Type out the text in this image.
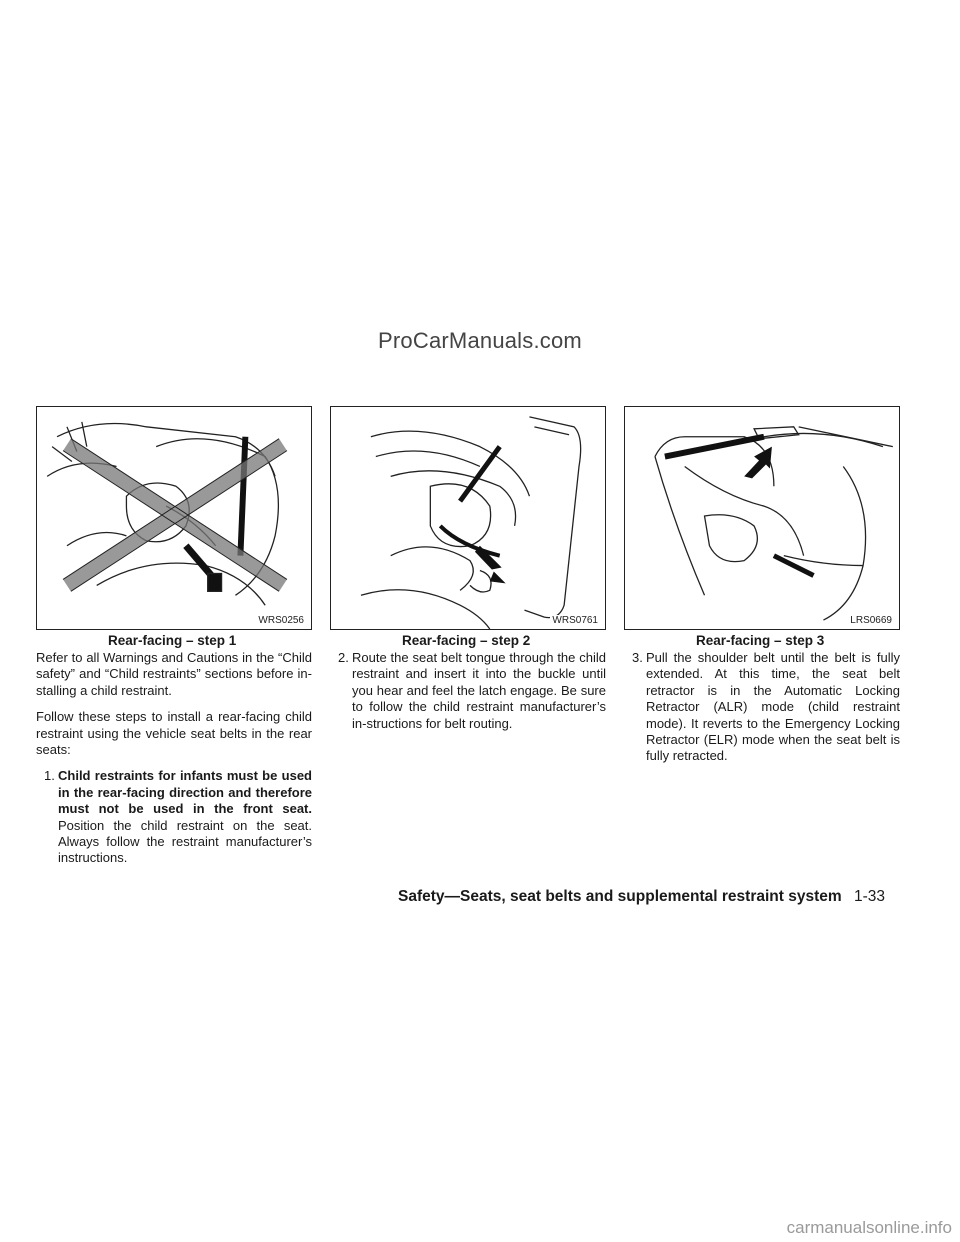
ProCarManuals.com
WRS0256	WRS0761	LRS0669
Rear-facing – step 1	Rear-facing – step 2	Rear-facing – step 3

Refer to all Warnings and Cautions in the “Child safety” and “Child restraints” sections before in-stalling a child restraint.

Follow these steps to install a rear-facing child restraint using the vehicle seat belts in the rear seats:

1. Child restraints for infants must be used in the rear-facing direction and therefore must not be used in the front seat. Position the child restraint on the seat. Always follow the restraint manufacturer’s instructions.
2. Route the seat belt tongue through the child restraint and insert it into the buckle until you hear and feel the latch engage. Be sure to follow the child restraint manufacturer’s in-structions for belt routing.
3. Pull the shoulder belt until the belt is fully extended. At this time, the seat belt retractor is in the Automatic Locking Retractor (ALR) mode (child restraint mode). It reverts to the Emergency Locking Retractor (ELR) mode when the seat belt is fully retracted.
Safety—Seats, seat belts and supplemental restraint system 1-33
carmanualsonline.info
